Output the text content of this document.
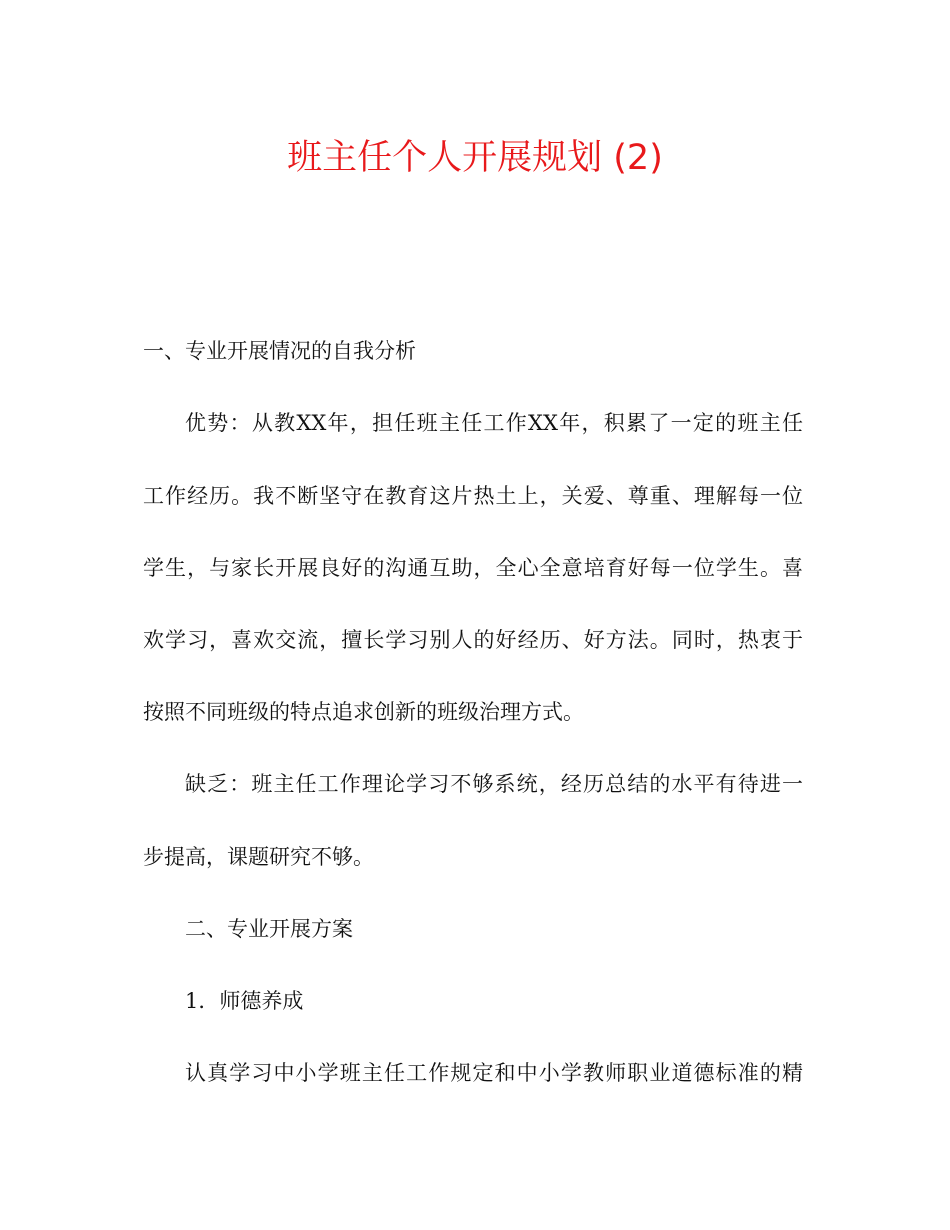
班主任个人开展规划 (2)
一、专业开展情况的自我分析
优势：从教XX年，担任班主任工作XX年，积累了一定的班主任
工作经历。我不断坚守在教育这片热土上，关爱、尊重、理解每一位
学生，与家长开展良好的沟通互助，全心全意培育好每一位学生。喜
欢学习，喜欢交流，擅长学习别人的好经历、好方法。同时，热衷于
按照不同班级的特点追求创新的班级治理方式。
缺乏：班主任工作理论学习不够系统，经历总结的水平有待进一
步提高，课题研究不够。
二、专业开展方案
1．师德养成
认真学习中小学班主任工作规定和中小学教师职业道德标准的精
